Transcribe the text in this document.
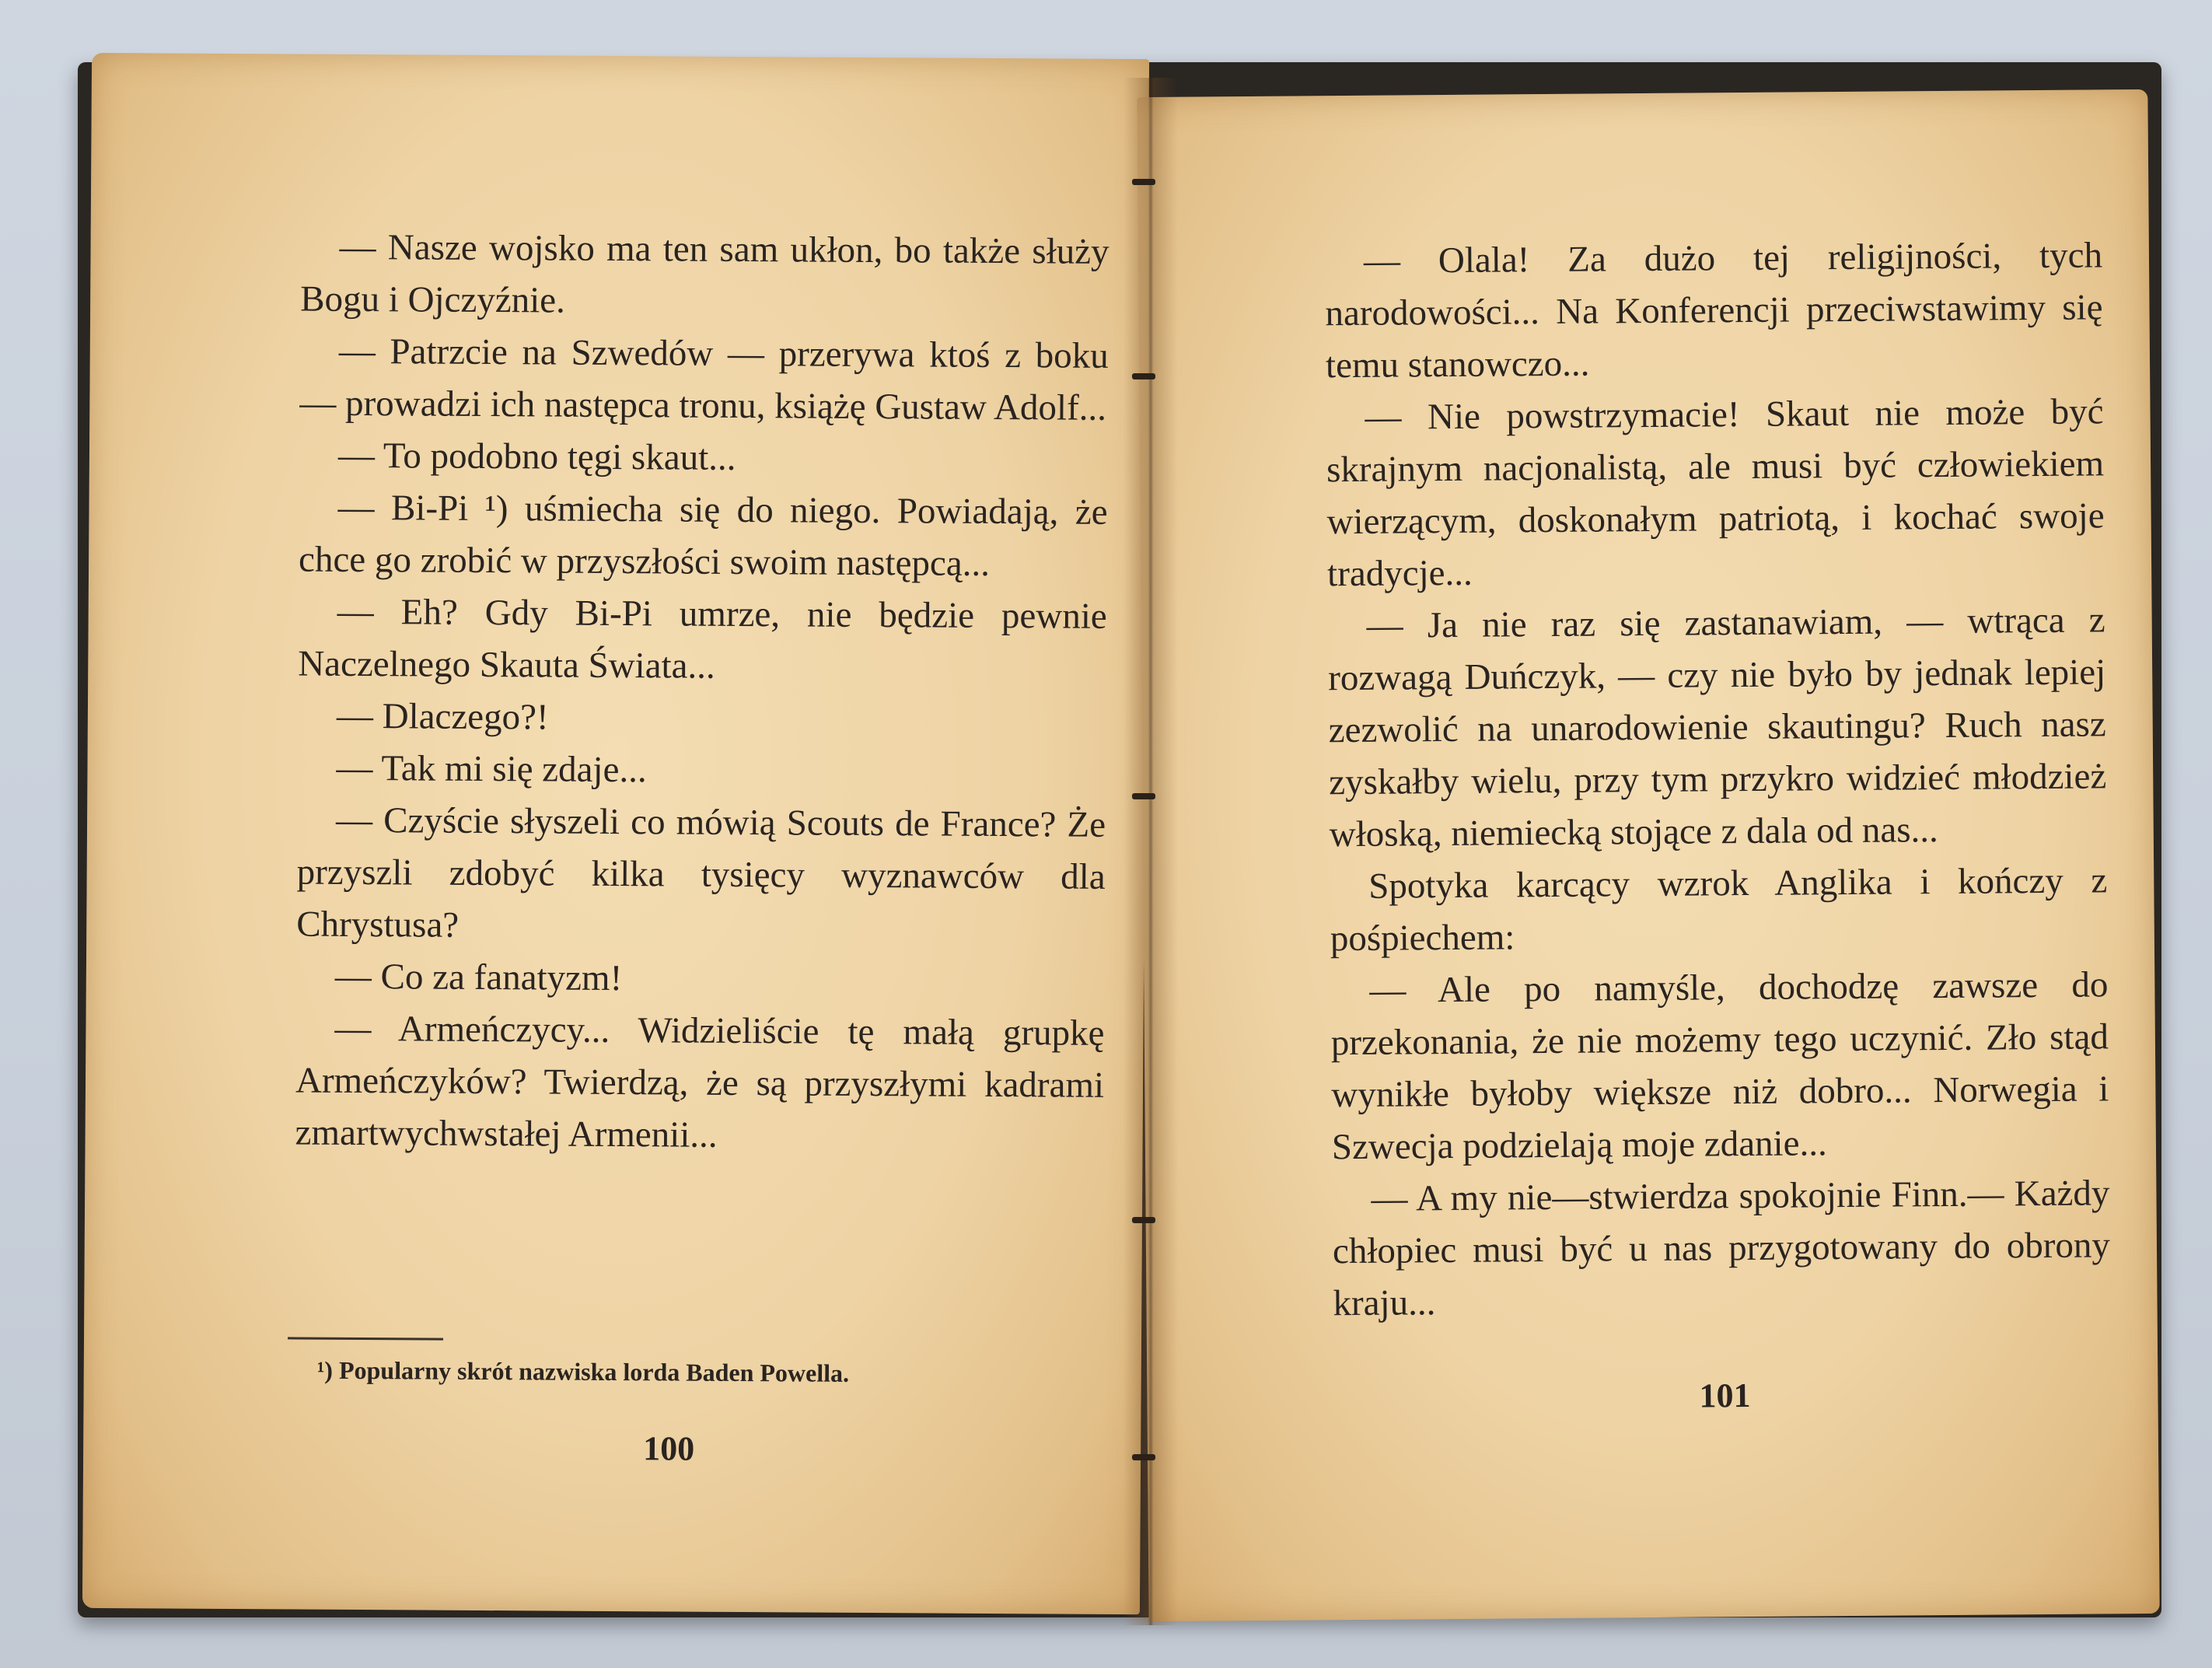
— Nasze wojsko ma ten sam ukłon, bo także służy Bogu i Ojczyźnie.

— Patrzcie na Szwedów — przerywa ktoś z boku — prowadzi ich następca tronu, książę Gustaw Adolf...

— To podobno tęgi skaut...

— Bi-Pi ¹) uśmiecha się do niego. Powiadają, że chce go zrobić w przyszłości swoim następcą...

— Eh? Gdy Bi-Pi umrze, nie będzie pewnie Naczelnego Skauta Świata...

— Dlaczego?!

— Tak mi się zdaje...

— Czyście słyszeli co mówią Scouts de France? Że przyszli zdobyć kilka tysięcy wyznawców dla Chrystusa?

— Co za fanatyzm!

— Armeńczycy... Widzieliście tę małą grupkę Armeńczyków? Twierdzą, że są przyszłymi kadrami zmartwychwstałej Armenii...

¹) Popularny skrót nazwiska lorda Baden Powella.
100

— Olala! Za dużo tej religijności, tych narodowości... Na Konferencji przeciwstawimy się temu stanowczo...

— Nie powstrzymacie! Skaut nie może być skrajnym nacjonalistą, ale musi być człowiekiem wierzącym, doskonałym patriotą, i kochać swoje tradycje...

— Ja nie raz się zastanawiam, — wtrąca z rozwagą Duńczyk, — czy nie było by jednak lepiej zezwolić na unarodowienie skautingu? Ruch nasz zyskałby wielu, przy tym przykro widzieć młodzież włoską, niemiecką stojące z dala od nas...

Spotyka karcący wzrok Anglika i kończy z pośpiechem:

— Ale po namyśle, dochodzę zawsze do przekonania, że nie możemy tego uczynić. Zło stąd wynikłe byłoby większe niż dobro... Norwegia i Szwecja podzielają moje zdanie...

— A my nie—stwierdza spokojnie Finn.— Każdy chłopiec musi być u nas przygotowany do obrony kraju...

101
